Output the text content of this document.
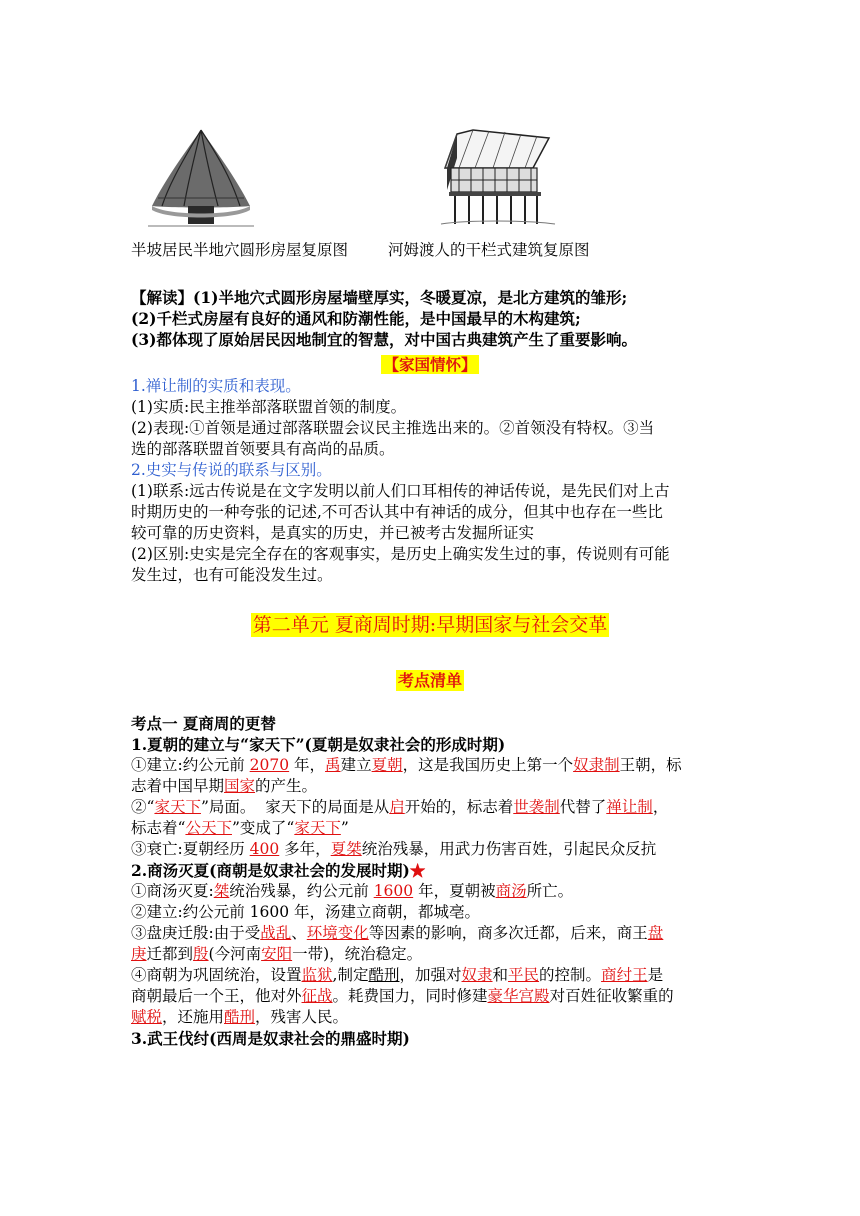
半坡居民半地穴圆形房屋复原图	河姆渡人的干栏式建筑复原图
【解读】(1)半地穴式圆形房屋墙壁厚实，冬暖夏凉，是北方建筑的雏形;
(2)千栏式房屋有良好的通风和防潮性能，是中国最早的木构建筑;
(3)都体现了原始居民因地制宜的智慧，对中国古典建筑产生了重要影响。
【家国情怀】
1.禅让制的实质和表现。
(1)实质:民主推举部落联盟首领的制度。
(2)表现:①首领是通过部落联盟会议民主推选出来的。②首领没有特权。③当
选的部落联盟首领要具有高尚的品质。
2.史实与传说的联系与区别。
(1)联系:远古传说是在文字发明以前人们口耳相传的神话传说，是先民们对上古
时期历史的一种夸张的记述,不可否认其中有神话的成分，但其中也存在一些比
较可靠的历史资料，是真实的历史，并已被考古发掘所证实
(2)区别:史实是完全存在的客观事实，是历史上确实发生过的事，传说则有可能
发生过，也有可能没发生过。
第二单元 夏商周时期:早期国家与社会交革
考点清单
考点一 夏商周的更替
1.夏朝的建立与“家天下”(夏朝是奴隶社会的形成时期)
①建立:约公元前 2070 年，禹建立夏朝，这是我国历史上第一个奴隶制王朝，标
志着中国早期国家的产生。
②“家天下”局面。  家天下的局面是从启开始的，标志着世袭制代替了禅让制，
标志着“公天下”变成了“家天下”
③衰亡:夏朝经历 400 多年，夏桀统治残暴，用武力伤害百姓，引起民众反抗
2.商汤灭夏(商朝是奴隶社会的发展时期)★
①商汤灭夏:桀统治残暴，约公元前 1600 年，夏朝被商汤所亡。
②建立:约公元前 1600 年，汤建立商朝，都城亳。
③盘庚迁殷:由于受战乱、环境变化等因素的影响，商多次迁都，后来，商王盘
庚迁都到殷(今河南安阳一带)，统治稳定。
④商朝为巩固统治，设置监狱,制定酷刑，加强对奴隶和平民的控制。商纣王是
商朝最后一个王，他对外征战。耗费国力，同时修建豪华宫殿对百姓征收繁重的
赋税，还施用酷刑，残害人民。
3.武王伐纣(西周是奴隶社会的鼎盛时期)
